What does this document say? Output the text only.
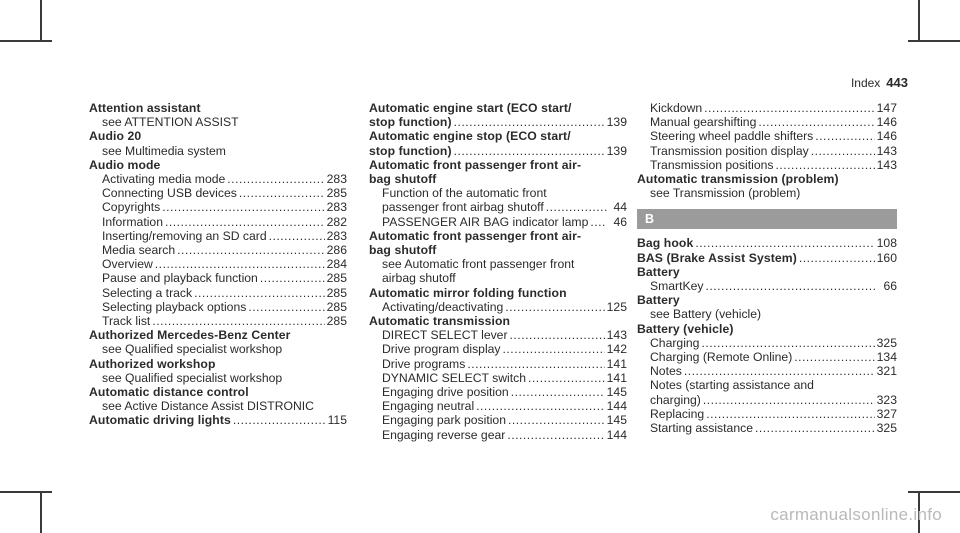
Index 443
Attention assistant
see ATTENTION ASSIST
Audio 20
see Multimedia system
Audio mode
Activating media mode .....	283
Connecting USB devices .....	285
Copyrights .....	283
Information .....	282
Inserting/removing an SD card .....	283
Media search .....	286
Overview .....	284
Pause and playback function .....	285
Selecting a track .....	285
Selecting playback options .....	285
Track list .....	285
Authorized Mercedes-Benz Center
see Qualified specialist workshop
Authorized workshop
see Qualified specialist workshop
Automatic distance control
see Active Distance Assist DISTRONIC
Automatic driving lights .....	115
Automatic engine start (ECO start/
stop function) .....	139
Automatic engine stop (ECO start/
stop function) .....	139
Automatic front passenger front air-
bag shutoff
Function of the automatic front
passenger front airbag shutoff .....	44
PASSENGER AIR BAG indicator lamp .....	46
Automatic front passenger front air-
bag shutoff
see Automatic front passenger front
airbag shutoff
Automatic mirror folding function
Activating/deactivating .....	125
Automatic transmission
DIRECT SELECT lever .....	143
Drive program display .....	142
Drive programs .....	141
DYNAMIC SELECT switch .....	141
Engaging drive position .....	145
Engaging neutral .....	144
Engaging park position .....	145
Engaging reverse gear .....	144
Kickdown .....	147
Manual gearshifting .....	146
Steering wheel paddle shifters .....	146
Transmission position display .....	143
Transmission positions .....	143
Automatic transmission (problem)
see Transmission (problem)
B
Bag hook .....	108
BAS (Brake Assist System) .....	160
Battery
SmartKey .....	66
Battery
see Battery (vehicle)
Battery (vehicle)
Charging .....	325
Charging (Remote Online) .....	134
Notes .....	321
Notes (starting assistance and
charging) .....	323
Replacing .....	327
Starting assistance .....	325
carmanualsonline.info
